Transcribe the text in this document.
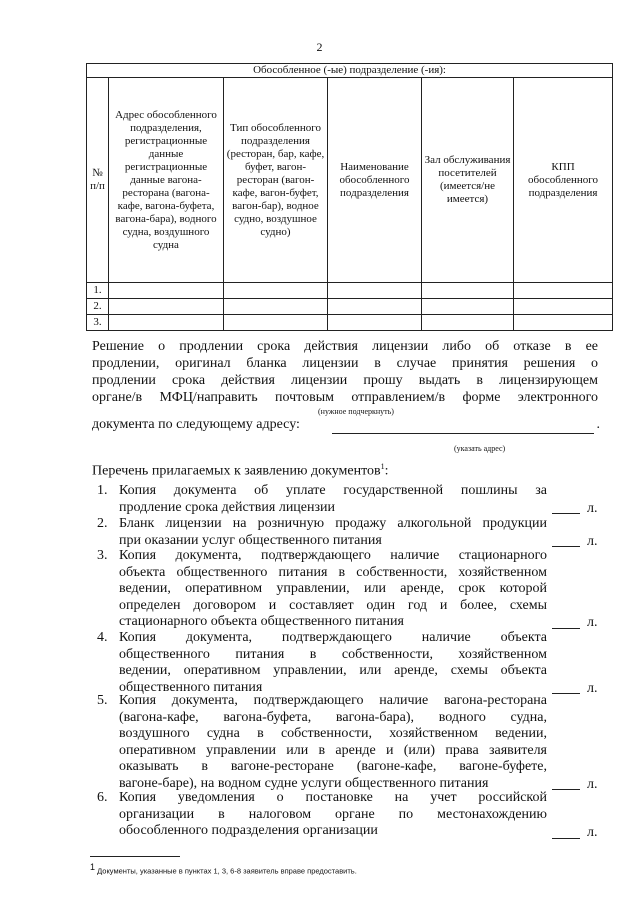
2
Обособленное (-ые) подразделение (-ия):					
№ п/п	Адрес обособленного подразделения, регистрационные данные регистрационные данные вагона-ресторана (вагона-кафе, вагона-буфета, вагона-бара), водного судна, воздушного судна	Тип обособленного подразделения (ресторан, бар, кафе, буфет, вагон-ресторан (вагон-кафе, вагон-буфет, вагон-бар), водное судно, воздушное судно)	Наименование обособленного подразделения	Зал обслуживания посетителей (имеется/не имеется)	КПП обособленного подразделения
1.					
2.					
3.					
Решение о продлении срока действия лицензии либо об отказе в ее
продлении, оригинал бланка лицензии в случае принятия решения о
продлении срока действия лицензии прошу выдать в лицензирующем
органе/в МФЦ/направить почтовым отправлением/в форме электронного
(нужное подчеркнуть)
документа по следующему адресу:	.
(указать адрес)
Перечень прилагаемых к заявлению документов$^1$:
1. Копия документа об уплате государственной пошлины за
продление срока действия лицензии	л.
2. Бланк лицензии на розничную продажу алкогольной продукции
при оказании услуг общественного питания	л.
3. Копия документа, подтверждающего наличие стационарного
объекта общественного питания в собственности, хозяйственном
ведении, оперативном управлении, или аренде, срок которой
определен договором и составляет один год и более, схемы
стационарного объекта общественного питания	л.
4. Копия документа, подтверждающего наличие объекта
общественного питания в собственности, хозяйственном
ведении, оперативном управлении, или аренде, схемы объекта
общественного питания	л.
5. Копия документа, подтверждающего наличие вагона-ресторана
(вагона-кафе, вагона-буфета, вагона-бара), водного судна,
воздушного судна в собственности, хозяйственном ведении,
оперативном управлении или в аренде и (или) права заявителя
оказывать в вагоне-ресторане (вагоне-кафе, вагоне-буфете,
вагоне-баре), на водном судне услуги общественного питания	л.
6. Копия уведомления о постановке на учет российской
организации в налоговом органе по местонахождению
обособленного подразделения организации	л.
$^1$ Документы, указанные в пунктах 1, 3, 6-8 заявитель вправе предоставить.
